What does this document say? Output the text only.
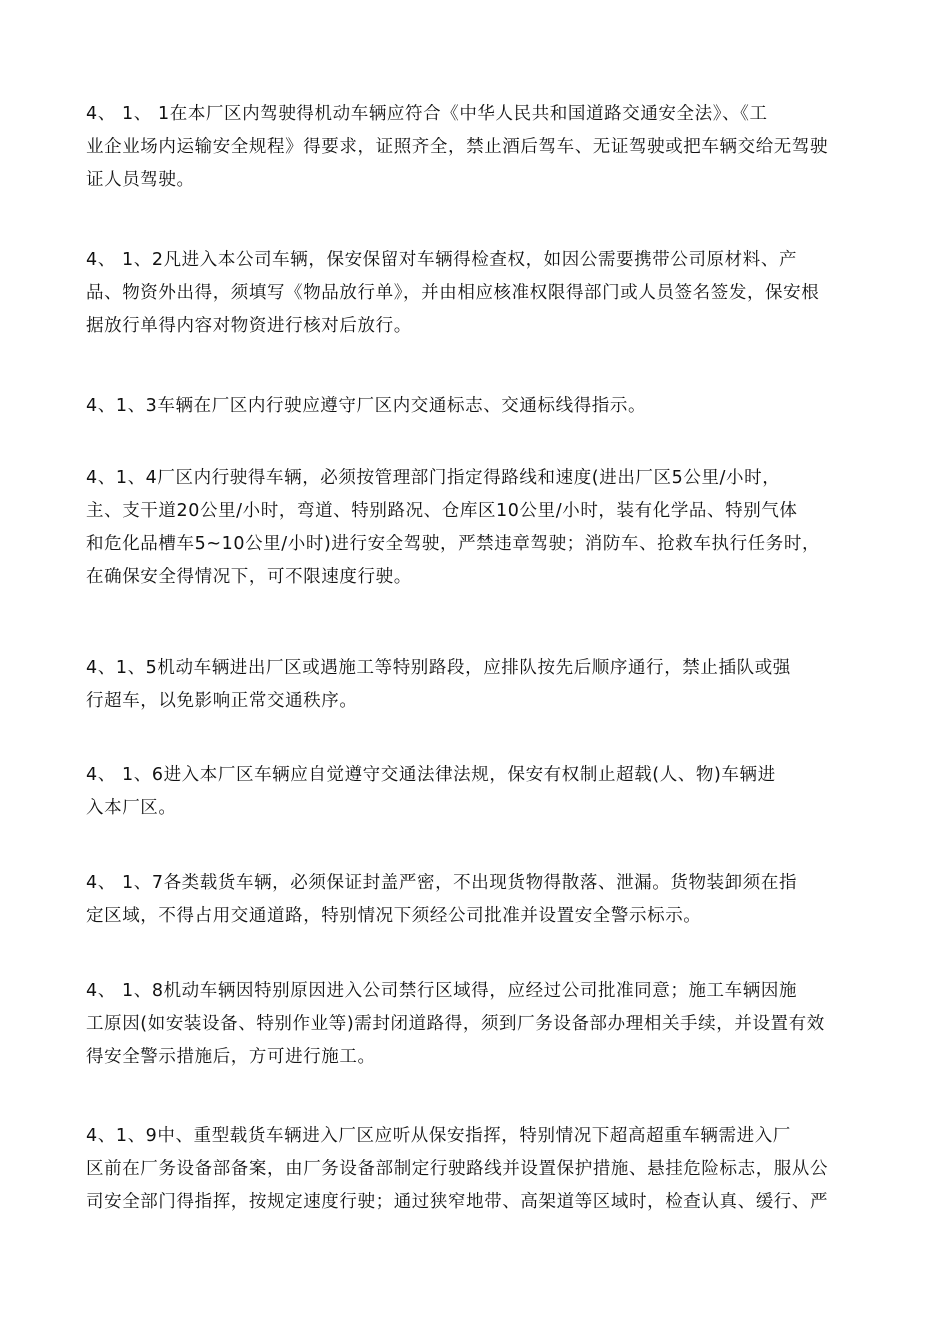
4、 1、 1在本厂区内驾驶得机动车辆应符合《中华人民共和国道路交通安全法》、《工
业企业场内运输安全规程》得要求，证照齐全，禁止酒后驾车、无证驾驶或把车辆交给无驾驶
证人员驾驶。
4、 1、2凡进入本公司车辆，保安保留对车辆得检查权，如因公需要携带公司原材料、产
品、物资外出得，须填写《物品放行单》，并由相应核准权限得部门或人员签名签发，保安根
据放行单得内容对物资进行核对后放行。
4、1、3车辆在厂区内行驶应遵守厂区内交通标志、交通标线得指示。
4、1、4厂区内行驶得车辆，必须按管理部门指定得路线和速度(进出厂区5公里/小时，
主、支干道20公里/小时，弯道、特别路况、仓库区10公里/小时，装有化学品、特别气体
和危化品槽车5~10公里/小时)进行安全驾驶，严禁违章驾驶；消防车、抢救车执行任务时，
在确保安全得情况下，可不限速度行驶。
4、1、5机动车辆进出厂区或遇施工等特别路段，应排队按先后顺序通行，禁止插队或强
行超车，以免影响正常交通秩序。
4、 1、6进入本厂区车辆应自觉遵守交通法律法规，保安有权制止超载(人、物)车辆进
入本厂区。
4、 1、7各类载货车辆，必须保证封盖严密，不出现货物得散落、泄漏。货物装卸须在指
定区域，不得占用交通道路，特别情况下须经公司批准并设置安全警示标示。
4、 1、8机动车辆因特别原因进入公司禁行区域得，应经过公司批准同意；施工车辆因施
工原因(如安装设备、特别作业等)需封闭道路得，须到厂务设备部办理相关手续，并设置有效
得安全警示措施后，方可进行施工。
4、1、9中、重型载货车辆进入厂区应听从保安指挥，特别情况下超高超重车辆需进入厂
区前在厂务设备部备案，由厂务设备部制定行驶路线并设置保护措施、悬挂危险标志，服从公
司安全部门得指挥，按规定速度行驶；通过狭窄地带、高架道等区域时，检查认真、缓行、严
